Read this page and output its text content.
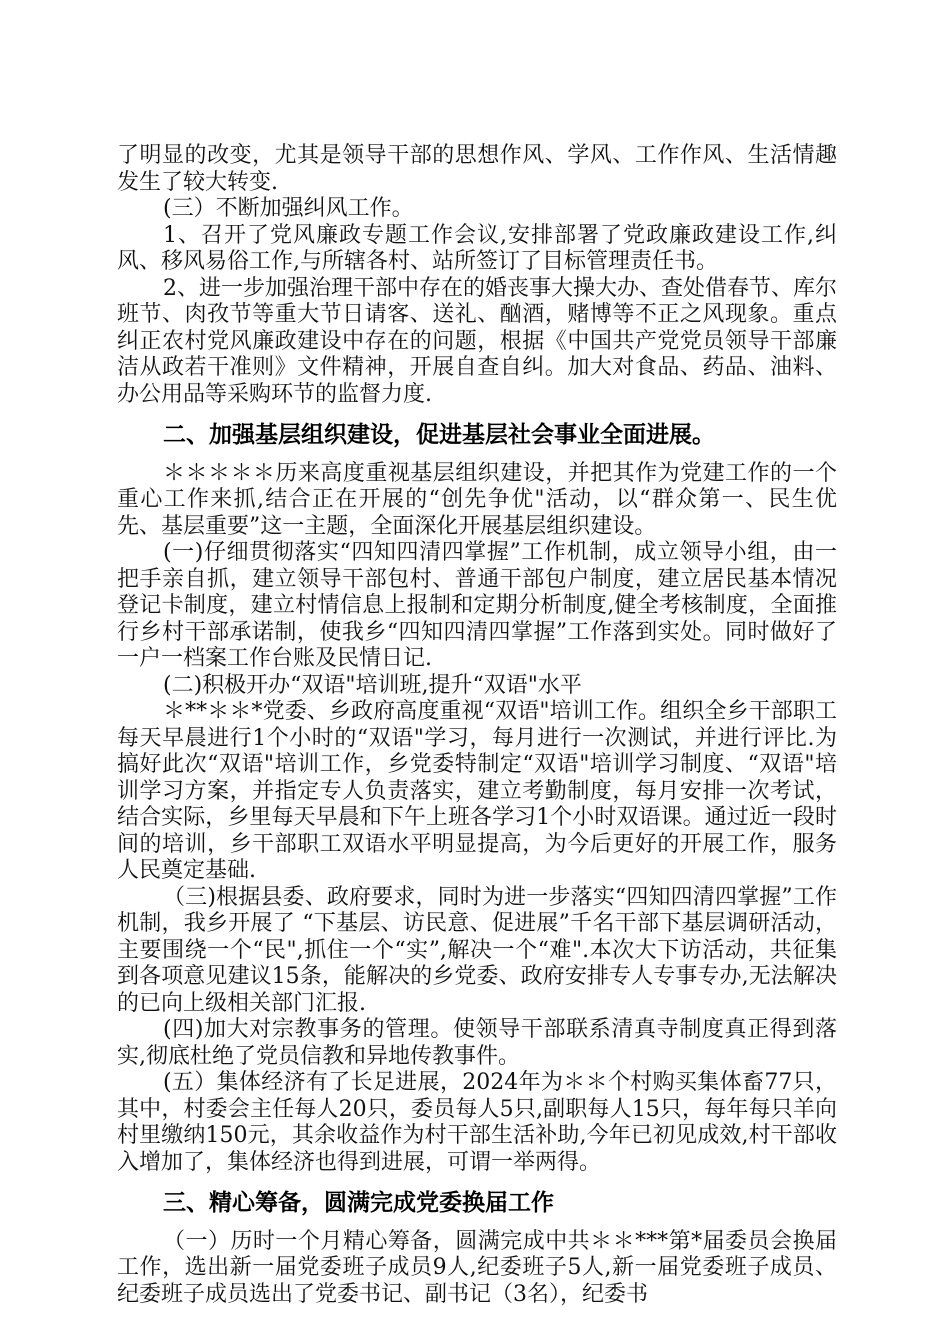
了明显的改变，尤其是领导干部的思想作风、学风、工作作风、生活情趣发生了较大转变.

(三）不断加强纠风工作。

1、召开了党风廉政专题工作会议,安排部署了党政廉政建设工作,纠风、移风易俗工作,与所辖各村、站所签订了目标管理责任书。

2、进一步加强治理干部中存在的婚丧事大操大办、查处借春节、库尔班节、肉孜节等重大节日请客、送礼、酗酒，赌博等不正之风现象。重点纠正农村党风廉政建设中存在的问题，根据《中国共产党党员领导干部廉洁从政若干准则》文件精神，开展自查自纠。加大对食品、药品、油料、办公用品等采购环节的监督力度.

二、加强基层组织建设，促进基层社会事业全面进展。

＊＊＊＊＊历来高度重视基层组织建设，并把其作为党建工作的一个重心工作来抓,结合正在开展的“创先争优"活动，以“群众第一、民生优先、基层重要”这一主题，全面深化开展基层组织建设。

(一)仔细贯彻落实“四知四清四掌握”工作机制，成立领导小组，由一把手亲自抓，建立领导干部包村、普通干部包户制度，建立居民基本情况登记卡制度，建立村情信息上报制和定期分析制度,健全考核制度，全面推行乡村干部承诺制，使我乡“四知四清四掌握”工作落到实处。同时做好了一户一档案工作台账及民情日记.

(二)积极开办“双语"培训班,提升“双语"水平

＊**＊＊*党委、乡政府高度重视“双语"培训工作。组织全乡干部职工每天早晨进行1个小时的“双语"学习，每月进行一次测试，并进行评比.为搞好此次“双语"培训工作，乡党委特制定“双语"培训学习制度、“双语"培训学习方案，并指定专人负责落实，建立考勤制度，每月安排一次考试，结合实际，乡里每天早晨和下午上班各学习1个小时双语课。通过近一段时间的培训，乡干部职工双语水平明显提高，为今后更好的开展工作，服务人民奠定基础.

（三)根据县委、政府要求，同时为进一步落实“四知四清四掌握”工作机制，我乡开展了 “下基层、访民意、促进展”千名干部下基层调研活动，主要围绕一个“民",抓住一个“实”,解决一个“难".本次大下访活动，共征集到各项意见建议15条，能解决的乡党委、政府安排专人专事专办,无法解决的已向上级相关部门汇报.

(四)加大对宗教事务的管理。使领导干部联系清真寺制度真正得到落实,彻底杜绝了党员信教和异地传教事件。

(五）集体经济有了长足进展，2024年为＊＊个村购买集体畜77只，其中，村委会主任每人20只，委员每人5只,副职每人15只，每年每只羊向村里缴纳150元，其余收益作为村干部生活补助,今年已初见成效,村干部收入增加了，集体经济也得到进展，可谓一举两得。

三、精心筹备，圆满完成党委换届工作

（一）历时一个月精心筹备，圆满完成中共＊＊***第*届委员会换届工作，选出新一届党委班子成员9人,纪委班子5人,新一届党委班子成员、纪委班子成员选出了党委书记、副书记（3名），纪委书
